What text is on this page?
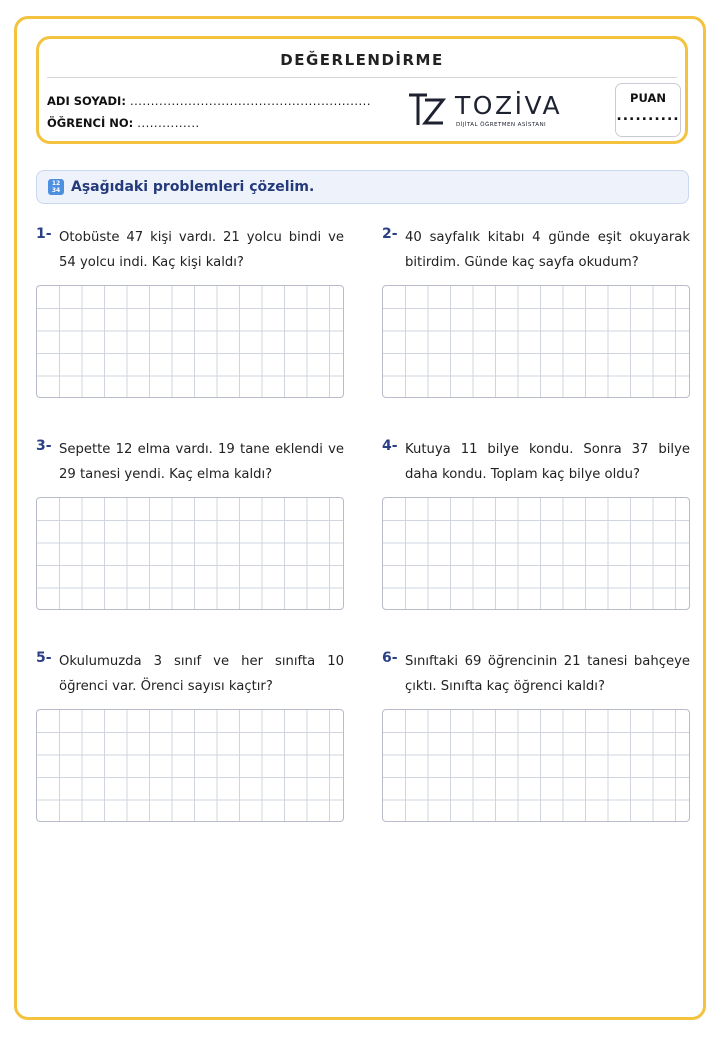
DEĞERLENDİRME
ADI SOYADI: ..........................................................
ÖĞRENCİ NO: ...............
TOZİVA
DİJİTAL ÖĞRETMEN ASİSTANI
PUAN
..........
12 34 Aşağıdaki problemleri çözelim.
1- Otobüste 47 kişi vardı. 21 yolcu bindi ve 54 yolcu indi. Kaç kişi kaldı?
2- 40 sayfalık kitabı 4 günde eşit okuyarak bitirdim. Günde kaç sayfa okudum?
3- Sepette 12 elma vardı. 19 tane eklendi ve 29 tanesi yendi. Kaç elma kaldı?
4- Kutuya 11 bilye kondu. Sonra 37 bilye daha kondu. Toplam kaç bilye oldu?
5- Okulumuzda 3 sınıf ve her sınıfta 10 öğrenci var. Örenci sayısı kaçtır?
6- Sınıftaki 69 öğrencinin 21 tanesi bahçeye çıktı. Sınıfta kaç öğrenci kaldı?
